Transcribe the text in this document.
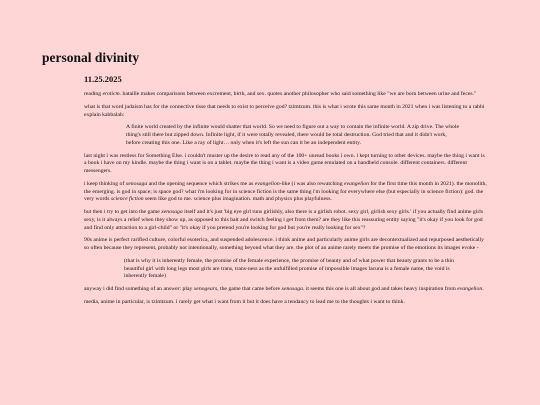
personal divinity
11.25.2025

reading eroticm. bataille makes comparisons between excrement, birth, and sex. quotes another philosopher who said something like "we are born between urine and feces."

what is that word judaism has for the connective tisse that needs to exist to perceive god? tzimtzum. this is what i wrote this same month in 2021 when i was listening to a rabbi explain kabbalah:

A finite world created by the infinite would shatter that world. So we need to figure out a way to contain the infinite world. A zip drive. The whole thing's still there but zipped down. Infinite light, if it were totally revealed, there would be total destruction. God tried that and it didn't work, before creating this one. Like a ray of light… only when it's left the sun can it be an independent entity.

last night i was restless for Something Else. i couldn't muster up the desire to read any of the 100+ unread books i own. i kept turning to other devices. maybe the thing i want is a book i have on my kindle. maybe the thing i want is on a tablet. maybe the thing i want is a video game emulated on a handheld console. different containers. different messengers.

i keep thinking of xenosaga and the opening sequence which strikes me as evangelion-like (i was also rewatching evangelion for the first time this month in 2021). the monolith, the emerging. is god in space; is space god? what i'm looking for in science fiction is the same thing i'm looking for everywhere else (but especially in science fiction): god. the very words science fiction seem like god to me. science plus imagination. math and physics plus playfulness.

but then i try to get into the game xenosaga itself and it's just 'big eye girl runs girlishly, also there is a girlish robot. sexy girl, girlish sexy girls.' if you actually find anime girls sexy, is it always a relief when they show up, as opposed to this bait and switch feeling i get from them? are they like this reassuring entity saying "it's okay if you look for god and find only attraction to a girl-child" or "it's okay if you pretend you're looking for god but you're really looking for sex"?

90s anime is perfect rarified culture, colorful esoterica, and suspended adolescence. i think anime and particularly anime girls are decontextualized and repurposed aesthetically so often because they represent, probably not intentionally, something beyond what they are. the plot of an anime rarely meets the promise of the emotions its images evoke -

(that is why it is inherently female, the promise of the female experience, the promise of beauty and of what power that beauty grants to be a thin beautiful girl with long legs most girls are trans, trans-ness as the unfulfilled promise of impossible images lacuna is a female name, the void is inherently female)

anyway i did find something of an answer: play xenogears, the game that came before xenosaga. it seems this one is all about god and takes heavy inspiration from evangelion.

media, anime in particular, is tzimtzum. i rarely get what i want from it but it does have a tendancy to lead me to the thoughts i want to think.
